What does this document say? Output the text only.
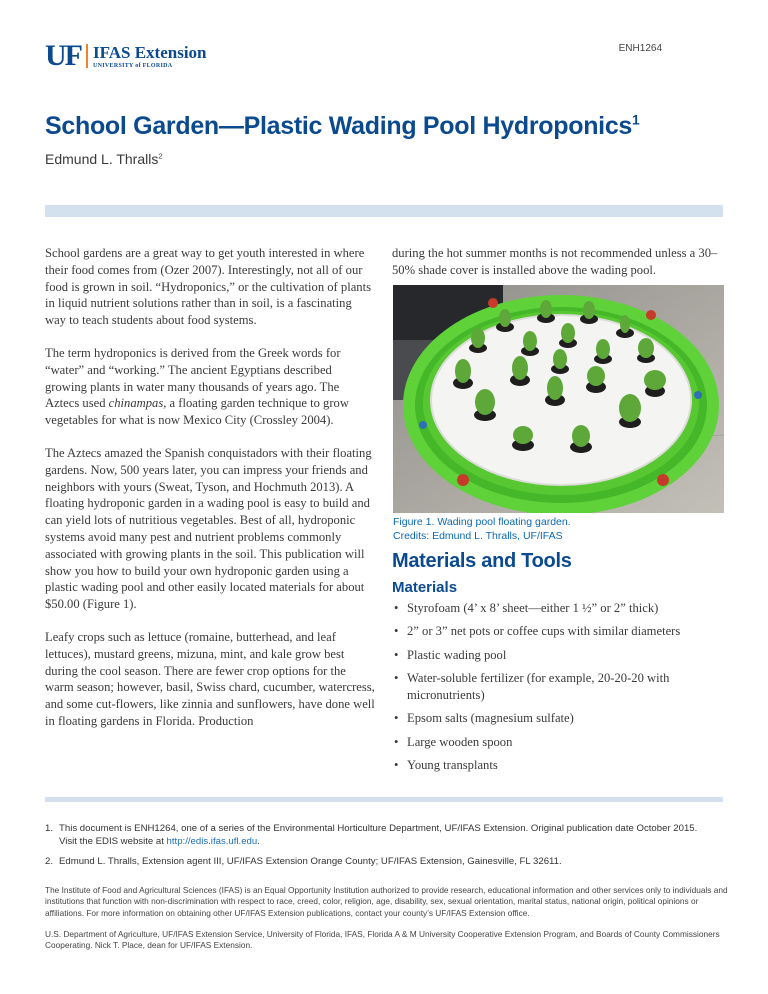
UF IFAS Extension
UNIVERSITY of FLORIDA
ENH1264
School Garden—Plastic Wading Pool Hydroponics$^1$
Edmund L. Thralls$^2$

School gardens are a great way to get youth interested in where their food comes from (Ozer 2007). Interestingly, not all of our food is grown in soil. “Hydroponics,” or the cultivation of plants in liquid nutrient solutions rather than in soil, is a fascinating way to teach students about food systems.

The term hydroponics is derived from the Greek words for “water” and “working.” The ancient Egyptians described growing plants in water many thousands of years ago. The Aztecs used chinampas, a floating garden technique to grow vegetables for what is now Mexico City (Crossley 2004).

The Aztecs amazed the Spanish conquistadors with their floating gardens. Now, 500 years later, you can impress your friends and neighbors with yours (Sweat, Tyson, and Hochmuth 2013). A floating hydroponic garden in a wading pool is easy to build and can yield lots of nutritious vegetables. Best of all, hydroponic systems avoid many pest and nutrient problems commonly associated with growing plants in the soil. This publication will show you how to build your own hydroponic garden using a plastic wading pool and other easily located materials for about $50.00 (Figure 1).

Leafy crops such as lettuce (romaine, butterhead, and leaf lettuces), mustard greens, mizuna, mint, and kale grow best during the cool season. There are fewer crop options for the warm season; however, basil, Swiss chard, cucumber, watercress, and some cut-flowers, like zinnia and sunflowers, have done well in floating gardens in Florida. Production

during the hot summer months is not recommended unless a 30–50% shade cover is installed above the wading pool.

Figure 1. Wading pool floating garden.
Credits: Edmund L. Thralls, UF/IFAS
Materials and Tools
Materials
• Styrofoam (4’ x 8’ sheet—either 1 ½” or 2” thick)
• 2” or 3” net pots or coffee cups with similar diameters
• Plastic wading pool
• Water-soluble fertilizer (for example, 20-20-20 with micronutrients)
• Epsom salts (magnesium sulfate)
• Large wooden spoon
• Young transplants
1. This document is ENH1264, one of a series of the Environmental Horticulture Department, UF/IFAS Extension. Original publication date October 2015.
Visit the EDIS website at http://edis.ifas.ufl.edu.
2. Edmund L. Thralls, Extension agent III, UF/IFAS Extension Orange County; UF/IFAS Extension, Gainesville, FL 32611.
The Institute of Food and Agricultural Sciences (IFAS) is an Equal Opportunity Institution authorized to provide research, educational information and other services only to individuals and institutions that function with non-discrimination with respect to race, creed, color, religion, age, disability, sex, sexual orientation, marital status, national origin, political opinions or affiliations. For more information on obtaining other UF/IFAS Extension publications, contact your county’s UF/IFAS Extension office.
U.S. Department of Agriculture, UF/IFAS Extension Service, University of Florida, IFAS, Florida A & M University Cooperative Extension Program, and Boards of County Commissioners Cooperating. Nick T. Place, dean for UF/IFAS Extension.
